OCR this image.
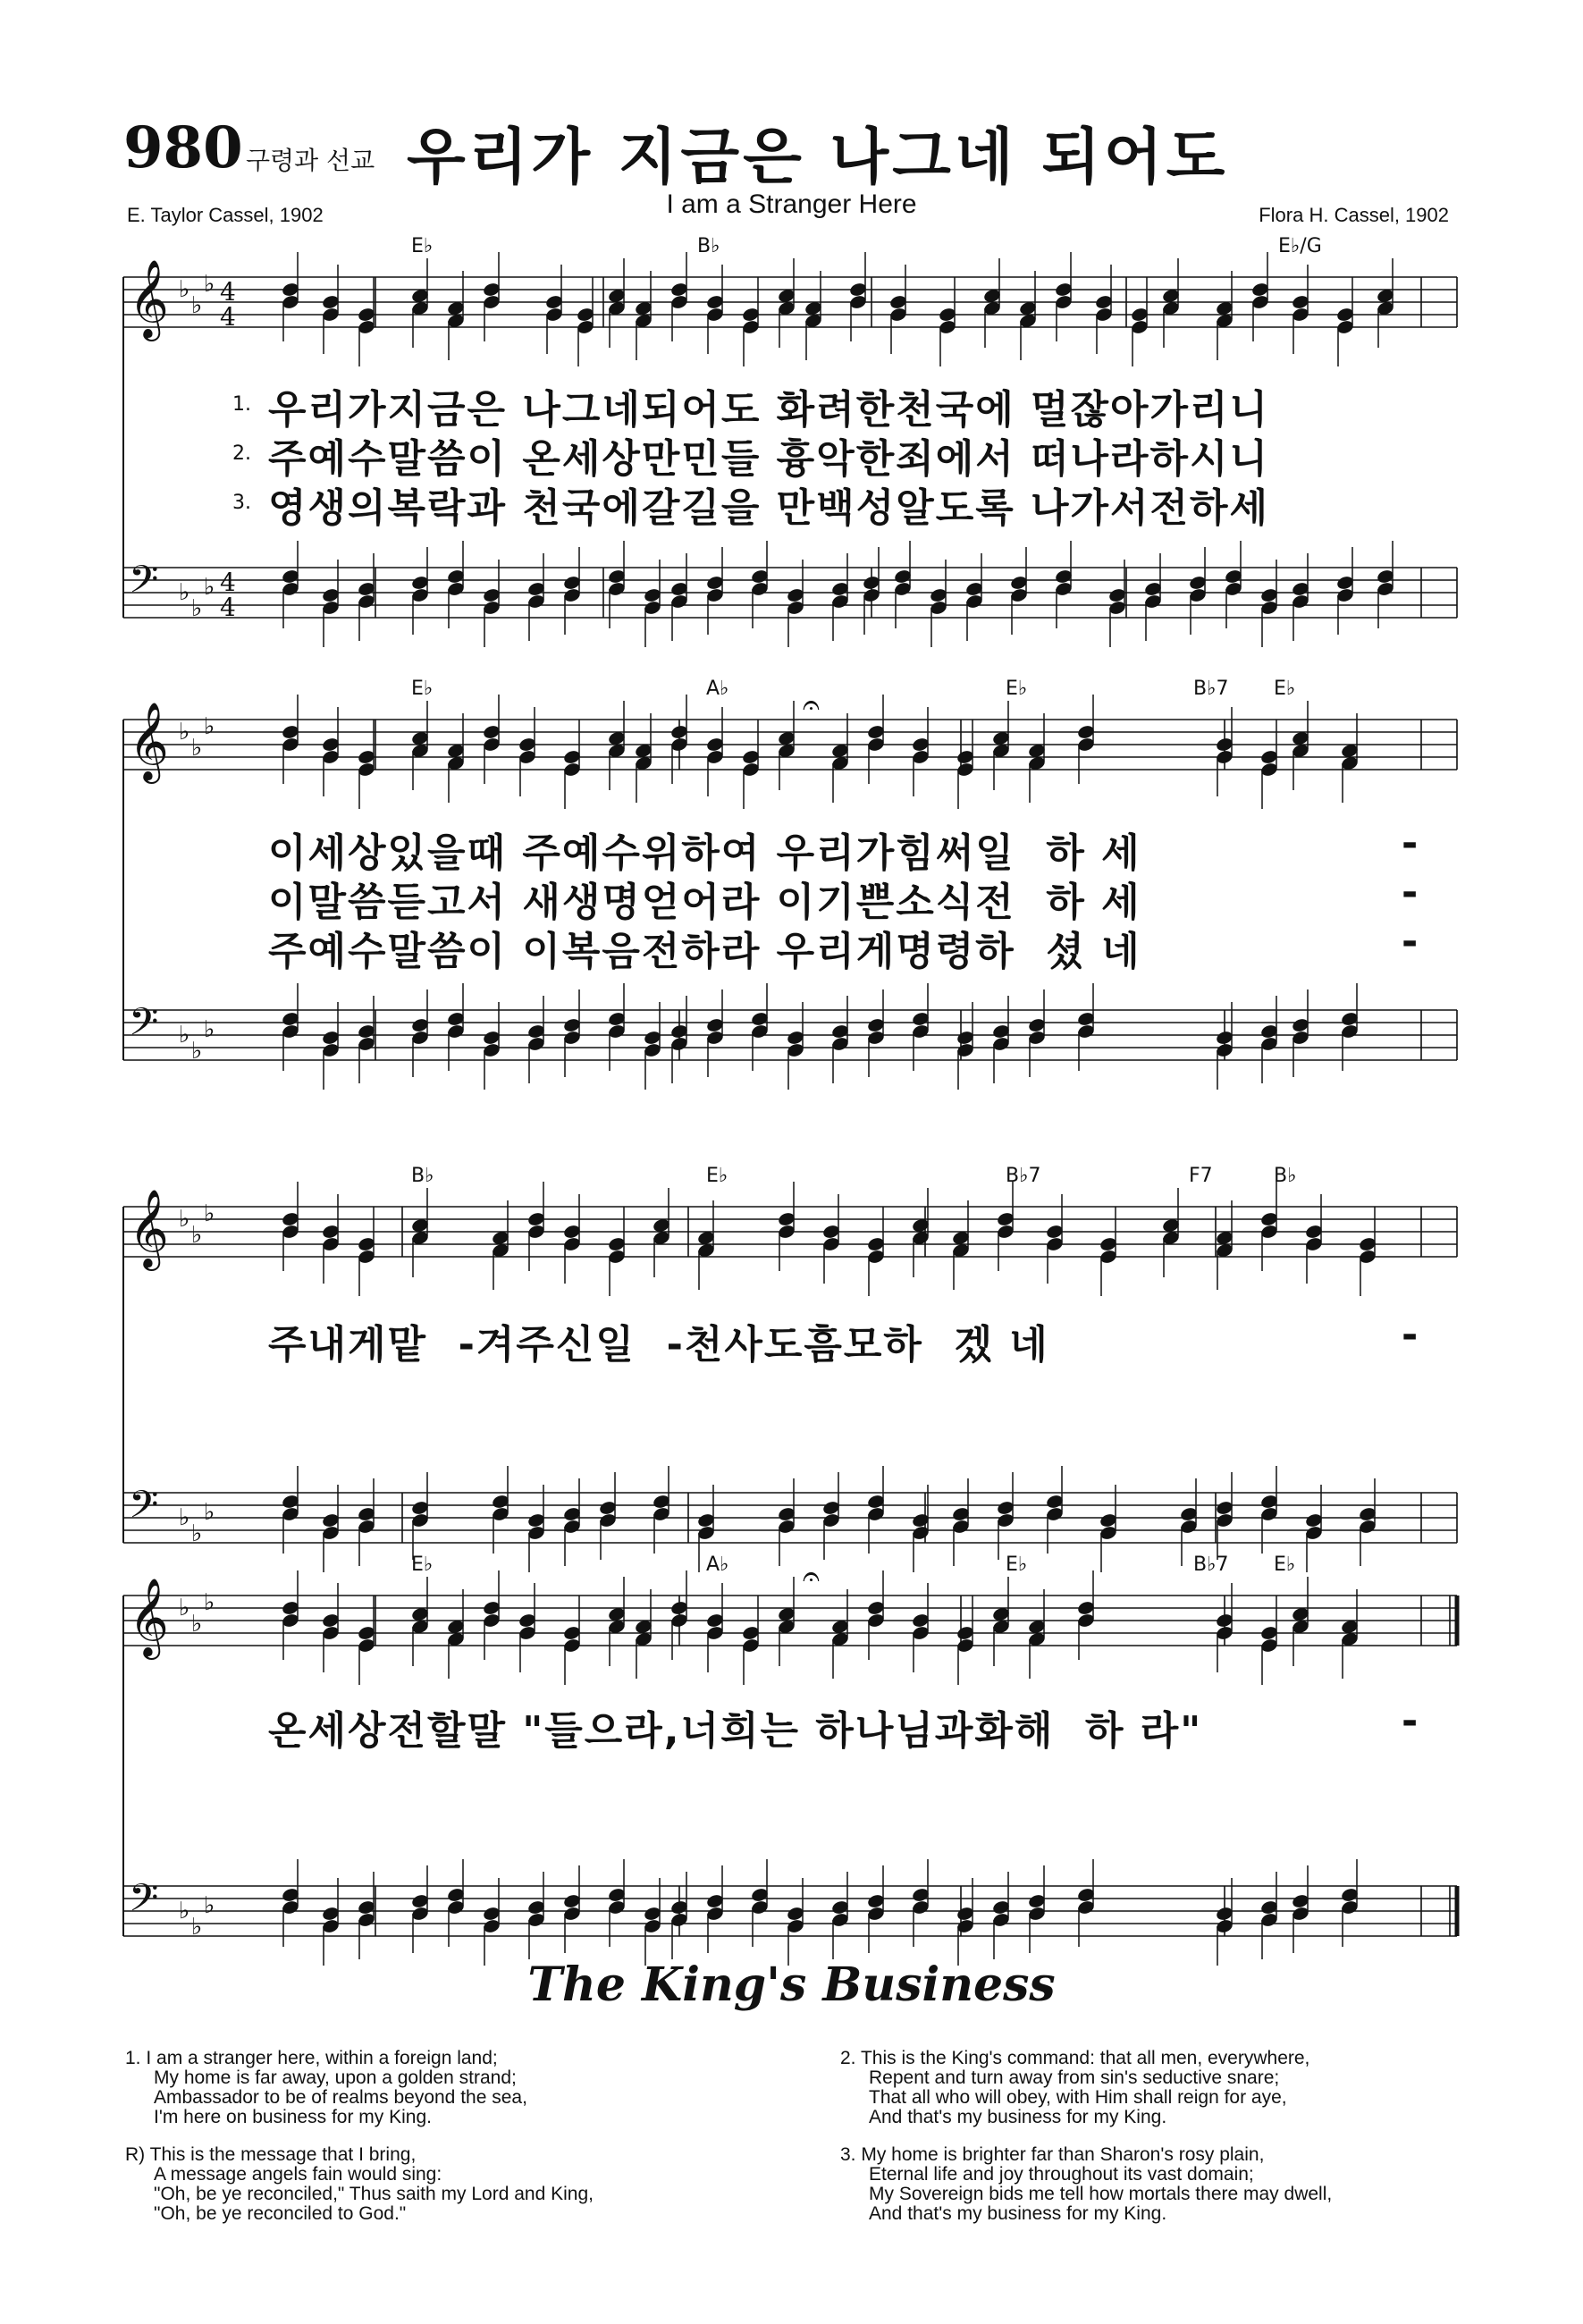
980 구령과 선교 우리가 지금은 나그네 되어도
I am a Stranger Here
E. Taylor Cassel, 1902	Flora H. Cassel, 1902
𝄞 ♭
♭
♭ 4
4
𝄢 ♭
♭
♭ 4
4
E♭	B♭	E♭/G
𝄞 ♭
♭
♭
𝄢 ♭
♭
♭
E♭	A♭	E♭	B♭7 E♭
𝄞 ♭
♭
♭
𝄢 ♭
♭
♭
B♭	E♭	B♭7	F7	B♭
𝄞 ♭
♭
♭
𝄢 ♭
♭
♭
E♭	A♭	E♭	B♭7 E♭
𝄐
𝄐
1.
2.
3.
우리가지금은 나그네되어도 화려한천국에 멀잖아가리니
주예수말씀이 온세상만민들 흉악한죄에서 떠나라하시니
영생의복락과 천국에갈길을 만백성알도록 나가서전하세
이세상있을때 주예수위하여 우리가힘써일  하 세
이말씀듣고서 새생명얻어라 이기쁜소식전  하 세
주예수말씀이 이복음전하라 우리게명령하  셨 네
-
-
-
주내게맡  -겨주신일  -천사도흠모하  겠 네	-
온세상전할말 "들으라,너희는 하나님과화해  하 라"	-
The King's Business
1. I am a stranger here, within a foreign land;
My home is far away, upon a golden strand;
Ambassador to be of realms beyond the sea,
I'm here on business for my King.
R) This is the message that I bring,
A message angels fain would sing:
"Oh, be ye reconciled," Thus saith my Lord and King,
"Oh, be ye reconciled to God."
2. This is the King's command: that all men, everywhere,
Repent and turn away from sin's seductive snare;
That all who will obey, with Him shall reign for aye,
And that's my business for my King.
3. My home is brighter far than Sharon's rosy plain,
Eternal life and joy throughout its vast domain;
My Sovereign bids me tell how mortals there may dwell,
And that's my business for my King.
